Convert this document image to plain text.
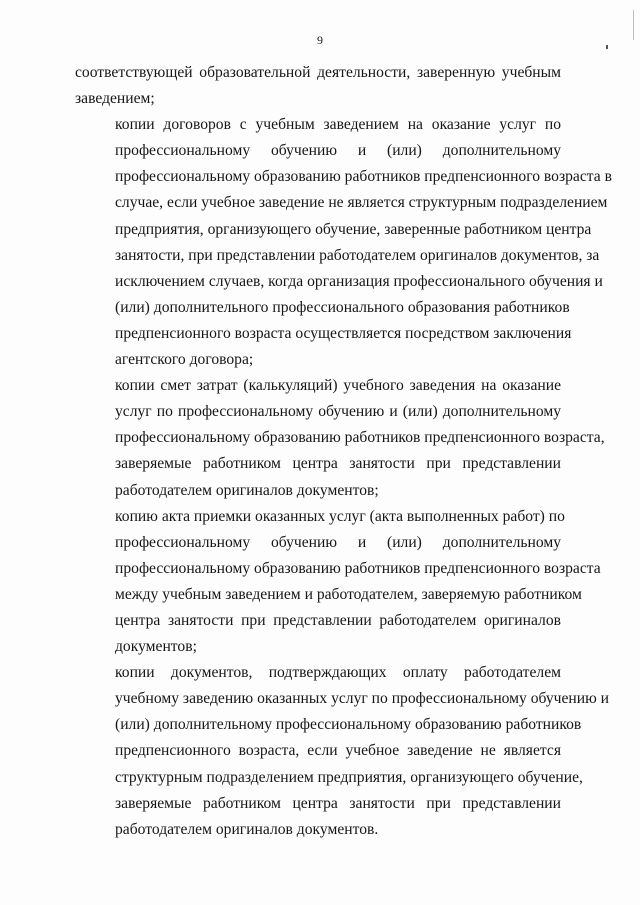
9
соответствующей образовательной деятельности, заверенную учебным
заведением;
копии договоров с учебным заведением на оказание услуг по
профессиональному обучению и (или) дополнительному
профессиональному образованию работников предпенсионного возраста в
случае, если учебное заведение не является структурным подразделением
предприятия, организующего обучение, заверенные работником центра
занятости, при представлении работодателем оригиналов документов, за
исключением случаев, когда организация профессионального обучения и
(или) дополнительного профессионального образования работников
предпенсионного возраста осуществляется посредством заключения
агентского договора;
копии смет затрат (калькуляций) учебного заведения на оказание
услуг по профессиональному обучению и (или) дополнительному
профессиональному образованию работников предпенсионного возраста,
заверяемые работником центра занятости при представлении
работодателем оригиналов документов;
копию акта приемки оказанных услуг (акта выполненных работ) по
профессиональному обучению и (или) дополнительному
профессиональному образованию работников предпенсионного возраста
между учебным заведением и работодателем, заверяемую работником
центра занятости при представлении работодателем оригиналов
документов;
копии документов, подтверждающих оплату работодателем
учебному заведению оказанных услуг по профессиональному обучению и
(или) дополнительному профессиональному образованию работников
предпенсионного возраста, если учебное заведение не является
структурным подразделением предприятия, организующего обучение,
заверяемые работником центра занятости при представлении
работодателем оригиналов документов.
